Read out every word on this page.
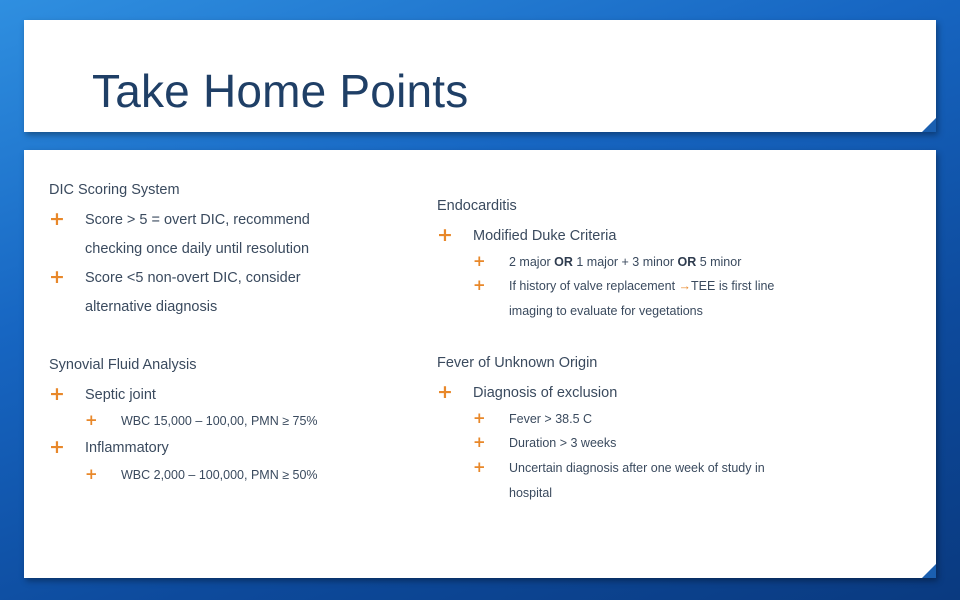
Take Home Points
DIC Scoring System
+ Score > 5 = overt DIC, recommend
checking once daily until resolution
+ Score <5 non-overt DIC, consider
alternative diagnosis
Synovial Fluid Analysis
+ Septic joint
+ WBC 15,000 – 100,00, PMN ≥ 75%
+ Inflammatory
+ WBC 2,000 – 100,000, PMN ≥ 50%
Endocarditis
+ Modified Duke Criteria
+ 2 major OR 1 major + 3 minor OR 5 minor
+ If history of valve replacement →TEE is first line
imaging to evaluate for vegetations
Fever of Unknown Origin
+ Diagnosis of exclusion
+ Fever > 38.5 C
+ Duration > 3 weeks
+ Uncertain diagnosis after one week of study in
hospital
